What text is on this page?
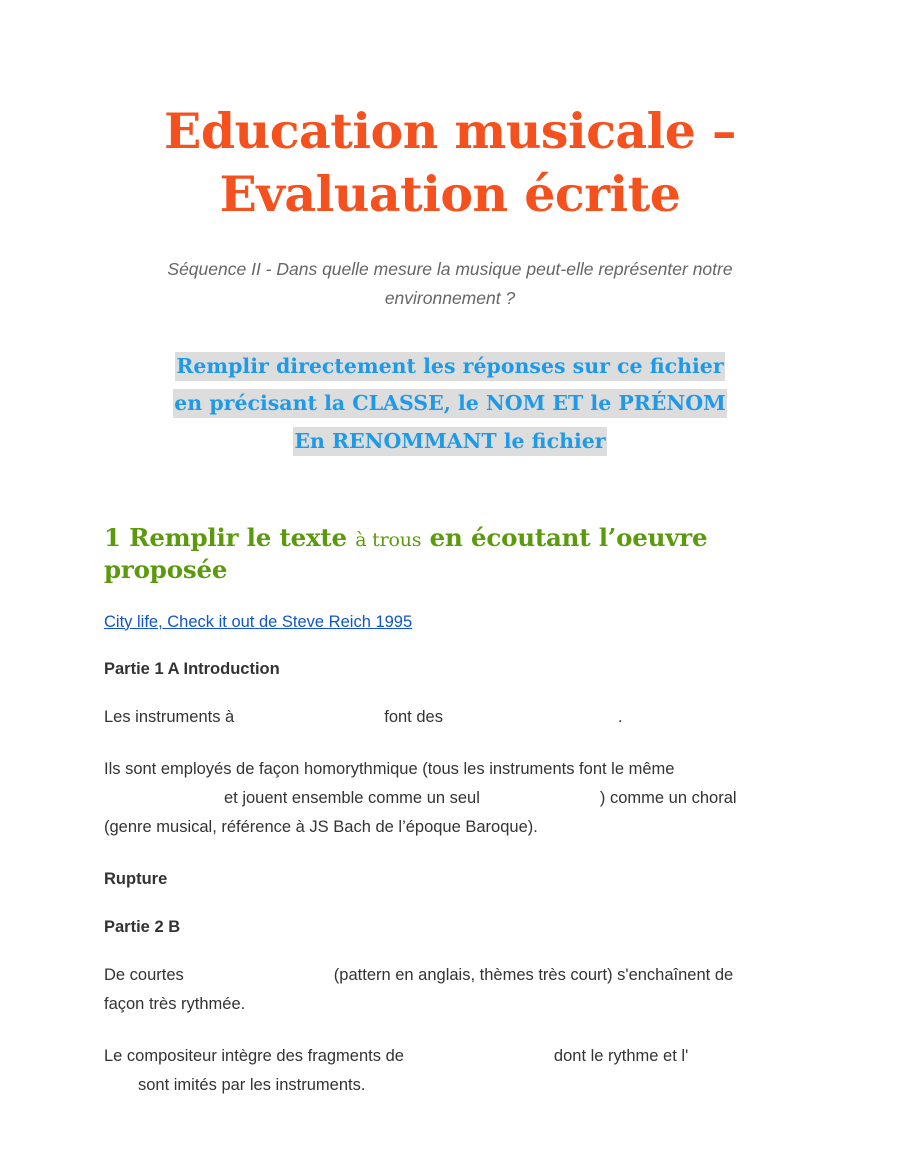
Education musicale – Evaluation écrite

Séquence II - Dans quelle mesure la musique peut-elle représenter notre environnement ?

Remplir directement les réponses sur ce fichier
en précisant la CLASSE, le NOM ET le PRÉNOM
En RENOMMANT le fichier
1 Remplir le texte à trous en écoutant l’oeuvre proposée
City life, Check it out de Steve Reich 1995

Partie 1 A Introduction

Les instruments à	font des	.

Ils sont employés de façon homorythmique (tous les instruments font le même
et jouent ensemble comme un seul	) comme un choral
(genre musical, référence à JS Bach de l’époque Baroque).

Rupture

Partie 2 B

De courtes	(pattern en anglais, thèmes très court) s'enchaînent de
façon très rythmée.

Le compositeur intègre des fragments de	dont le rythme et l'
sont imités par les instruments.
